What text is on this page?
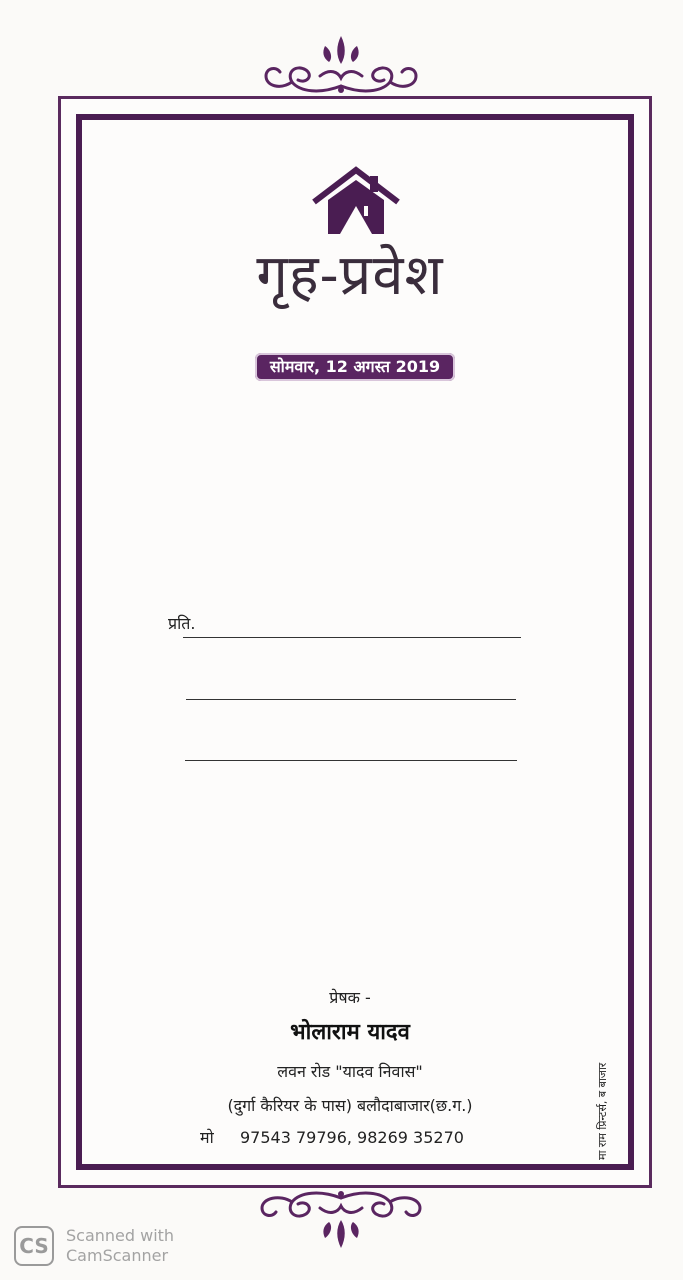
गृह-प्रवेश
सोमवार, 12 अगस्त 2019
प्रति.
प्रेषक -
भोलाराम यादव
लवन रोड "यादव निवास"
(दुर्गा कैरियर के पास) बलौदाबाजार(छ.ग.)
मो 97543 79796, 98269 35270	मा राम प्रिन्टर्स, ब बाजार
CS	Scanned with
CamScanner
